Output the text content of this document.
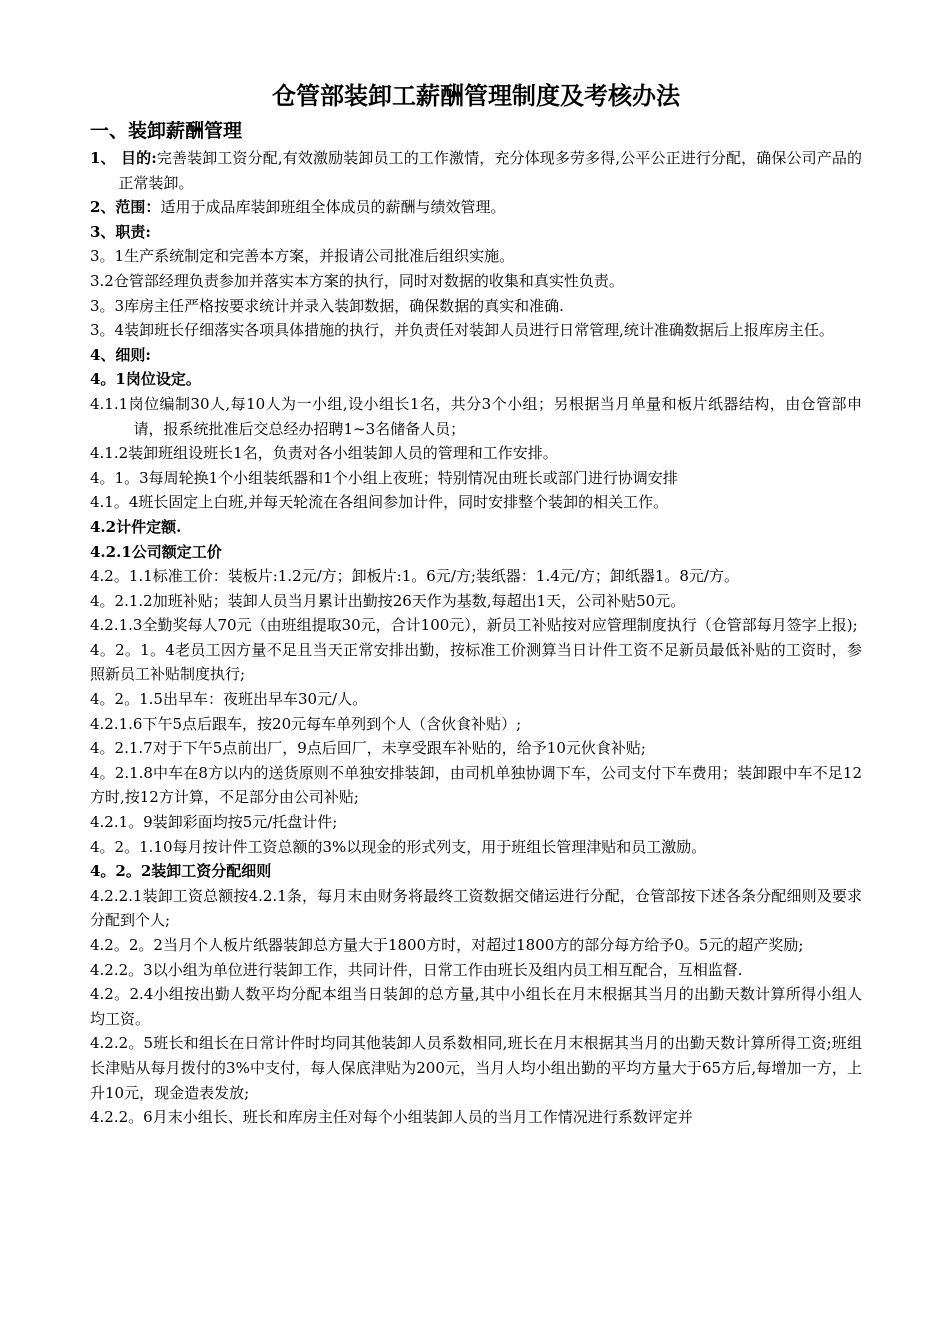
仓管部装卸工薪酬管理制度及考核办法
一、装卸薪酬管理

1、 目的:完善装卸工资分配,有效激励装卸员工的工作激情，充分体现多劳多得,公平公正进行分配，确保公司产品的正常装卸。

2、范围：适用于成品库装卸班组全体成员的薪酬与绩效管理。

3、职责:

3。1生产系统制定和完善本方案，并报请公司批准后组织实施。

3.2仓管部经理负责参加并落实本方案的执行，同时对数据的收集和真实性负责。

3。3库房主任严格按要求统计并录入装卸数据，确保数据的真实和准确.

3。4装卸班长仔细落实各项具体措施的执行，并负责任对装卸人员进行日常管理,统计准确数据后上报库房主任。

4、细则:

4。1岗位设定。

4.1.1岗位编制30人,每10人为一小组,设小组长1名，共分3个小组；另根据当月单量和板片纸器结构，由仓管部申请，报系统批准后交总经办招聘1~3名储备人员；

4.1.2装卸班组设班长1名，负责对各小组装卸人员的管理和工作安排。

4。1。3每周轮换1个小组装纸器和1个小组上夜班；特别情况由班长或部门进行协调安排

4.1。4班长固定上白班,并每天轮流在各组间参加计件，同时安排整个装卸的相关工作。

4.2计件定额.

4.2.1公司额定工价

4.2。1.1标准工价：装板片:1.2元/方；卸板片:1。6元/方;装纸器：1.4元/方；卸纸器1。8元/方。

4。2.1.2加班补贴；装卸人员当月累计出勤按26天作为基数,每超出1天，公司补贴50元。

4.2.1.3全勤奖每人70元（由班组提取30元，合计100元），新员工补贴按对应管理制度执行（仓管部每月签字上报);

4。2。1。4老员工因方量不足且当天正常安排出勤，按标准工价测算当日计件工资不足新员最低补贴的工资时，参照新员工补贴制度执行;

4。2。1.5出早车：夜班出早车30元/人。

4.2.1.6下午5点后跟车，按20元每车单列到个人（含伙食补贴）;

4。2.1.7对于下午5点前出厂，9点后回厂，未享受跟车补贴的，给予10元伙食补贴;

4。2.1.8中车在8方以内的送货原则不单独安排装卸，由司机单独协调下车，公司支付下车费用；装卸跟中车不足12方时,按12方计算，不足部分由公司补贴;

4.2.1。9装卸彩面均按5元/托盘计件;

4。2。1.10每月按计件工资总额的3%以现金的形式列支，用于班组长管理津贴和员工激励。

4。2。2装卸工资分配细则

4.2.2.1装卸工资总额按4.2.1条，每月末由财务将最终工资数据交储运进行分配，仓管部按下述各条分配细则及要求分配到个人;

4.2。2。2当月个人板片纸器装卸总方量大于1800方时，对超过1800方的部分每方给予0。5元的超产奖励;

4.2.2。3以小组为单位进行装卸工作，共同计件，日常工作由班长及组内员工相互配合，互相监督.

4.2。2.4小组按出勤人数平均分配本组当日装卸的总方量,其中小组长在月末根据其当月的出勤天数计算所得小组人均工资。

4.2.2。5班长和组长在日常计件时均同其他装卸人员系数相同,班长在月末根据其当月的出勤天数计算所得工资;班组长津贴从每月拨付的3%中支付，每人保底津贴为200元，当月人均小组出勤的平均方量大于65方后,每增加一方，上升10元，现金造表发放;

4.2.2。6月末小组长、班长和库房主任对每个小组装卸人员的当月工作情况进行系数评定并
